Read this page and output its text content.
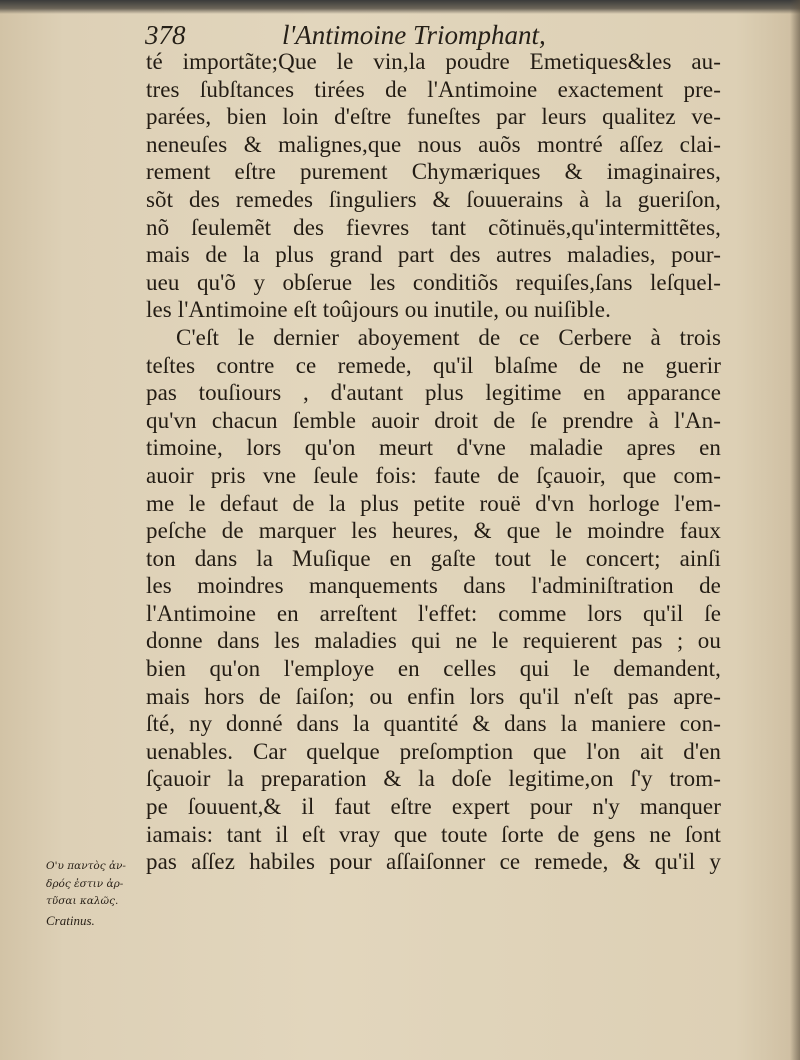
378	l'Antimoine Triomphant,
té importãte;Que le vin,la poudre Emetiques&les au-
tres ſubſtances tirées de l'Antimoine exactement pre-
parées, bien loin d'eſtre funeſtes par leurs qualitez ve-
neneuſes & malignes,que nous auõs montré aſſez clai-
rement eſtre purement Chymæriques & imaginaires,
sõt des remedes ſinguliers & ſouuerains à la gueriſon,
nõ ſeulemẽt des fievres tant cõtinuës,qu'intermittẽtes,
mais de la plus grand part des autres maladies, pour-
ueu qu'õ y obſerue les conditiõs requiſes,ſans leſquel-
les l'Antimoine eſt toûjours ou inutile, ou nuiſible.
C'eſt le dernier aboyement de ce Cerbere à trois
teſtes contre ce remede, qu'il blaſme de ne guerir
pas touſiours , d'autant plus legitime en apparance
qu'vn chacun ſemble auoir droit de ſe prendre à l'An-
timoine, lors qu'on meurt d'vne maladie apres en
auoir pris vne ſeule fois: faute de ſçauoir, que com-
me le defaut de la plus petite rouë d'vn horloge l'em-
peſche de marquer les heures, & que le moindre faux
ton dans la Muſique en gaſte tout le concert; ainſi
les moindres manquements dans l'adminiſtration de
l'Antimoine en arreſtent l'effet: comme lors qu'il ſe
donne dans les maladies qui ne le requierent pas ; ou
bien qu'on l'employe en celles qui le demandent,
mais hors de ſaiſon; ou enfin lors qu'il n'eſt pas apre-
ſté, ny donné dans la quantité & dans la maniere con-
uenables. Car quelque preſomption que l'on ait d'en
ſçauoir la preparation & la doſe legitime,on ſ'y trom-
pe ſouuent,& il faut eſtre expert pour n'y manquer
iamais: tant il eſt vray que toute ſorte de gens ne ſont
pas aſſez habiles pour aſſaiſonner ce remede, & qu'il y
Ο'υ παντὸς ἀν-
δρός ἐστιν ἀρ-
τῦσαι καλῶς.
Cratinus.
